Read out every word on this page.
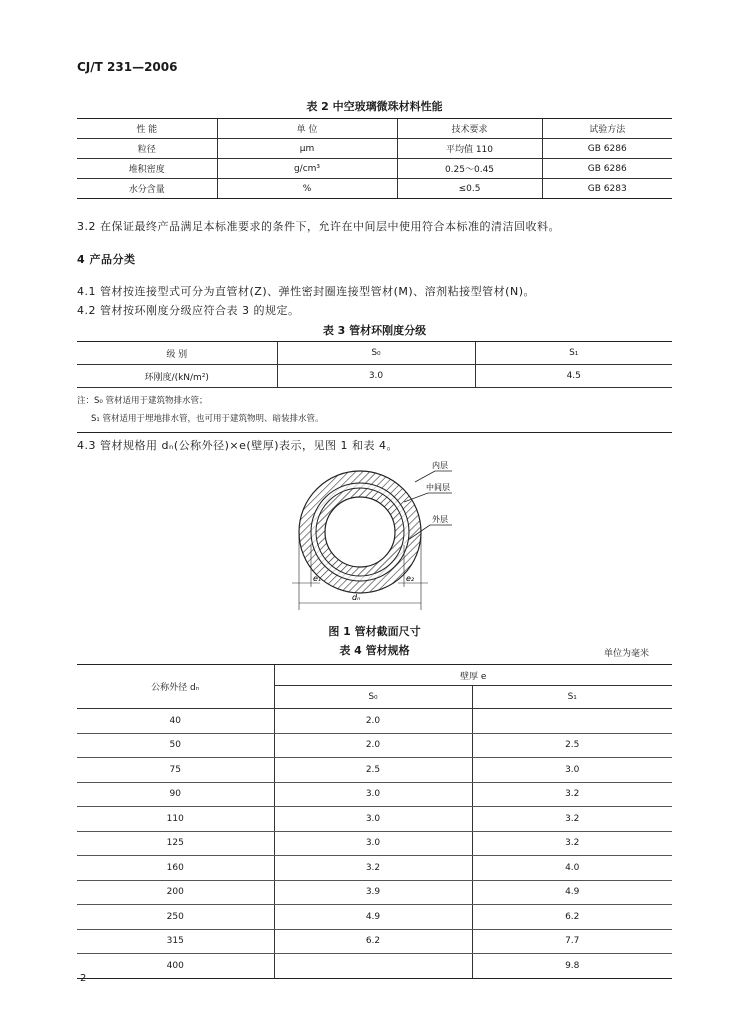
CJ/T 231—2006
表 2 中空玻璃微珠材料性能
性 能	单 位	技术要求	试验方法
粒径	μm	平均值 110	GB 6286
堆积密度	g/cm³	0.25～0.45	GB 6286
水分含量	%	≤0.5	GB 6283
3.2 在保证最终产品满足本标准要求的条件下，允许在中间层中使用符合本标准的清洁回收料。
4 产品分类
4.1 管材按连接型式可分为直管材(Z)、弹性密封圈连接型管材(M)、溶剂粘接型管材(N)。
4.2 管材按环刚度分级应符合表 3 的规定。
表 3 管材环刚度分级
级 别	S₀	S₁
环刚度/(kN/m²)	3.0	4.5

注：S₀ 管材适用于建筑物排水管；
S₁ 管材适用于埋地排水管，也可用于建筑物明、暗装排水管。		
4.3 管材规格用 dₙ(公称外径)×e(壁厚)表示，见图 1 和表 4。
内层
中间层
外层
e₁	e₂
dₙ
图 1 管材截面尺寸
表 4 管材规格	单位为毫米
公称外径 dₙ	壁厚 e	
	S₀	S₁
40	2.0	
50	2.0	2.5
75	2.5	3.0
90	3.0	3.2
110	3.0	3.2
125	3.0	3.2
160	3.2	4.0
200	3.9	4.9
250	4.9	6.2
315	6.2	7.7
400		9.8
2
